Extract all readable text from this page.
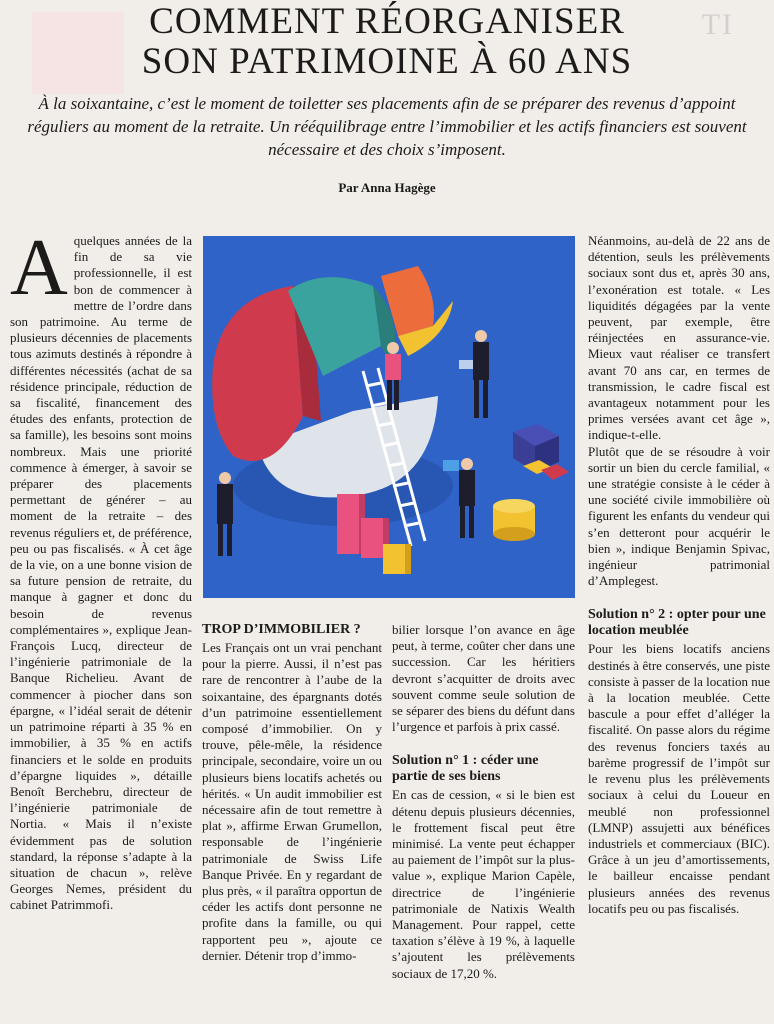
TI
COMMENT RÉORGANISER
SON PATRIMOINE À 60 ANS

À la soixantaine, c’est le moment de toiletter ses placements afin de se préparer des revenus d’appoint réguliers au moment de la retraite. Un rééquilibrage entre l’immobilier et les actifs financiers est souvent nécessaire et des choix s’imposent.

Par Anna Hagège
A quelques années de la fin de sa vie professionnelle, il est bon de commencer à mettre de l’ordre dans son patrimoine. Au terme de plusieurs décennies de placements tous azimuts destinés à répondre à différentes nécessités (achat de sa résidence principale, réduction de sa fiscalité, financement des études des enfants, protection de sa famille), les besoins sont moins nombreux. Mais une priorité commence à émerger, à savoir se préparer des placements permettant de générer – au moment de la retraite – des revenus réguliers et, de préférence, peu ou pas fiscalisés. « À cet âge de la vie, on a une bonne vision de sa future pension de retraite, du manque à gagner et donc du besoin de revenus complémentaires », explique Jean-François Lucq, directeur de l’ingénierie patrimoniale de la Banque Richelieu. Avant de commencer à piocher dans son épargne, « l’idéal serait de détenir un patrimoine réparti à 35 % en immobilier, à 35 % en actifs financiers et le solde en produits d’épargne liquides », détaille Benoît Berchebru, directeur de l’ingénierie patrimoniale de Nortia. « Mais il n’existe évidemment pas de solution standard, la réponse s’adapte à la situation de chacun », relève Georges Nemes, président du cabinet Patrimmofi.

TROP D’IMMOBILIER ?

Les Français ont un vrai penchant pour la pierre. Aussi, il n’est pas rare de rencontrer à l’aube de la soixantaine, des épargnants dotés d’un patrimoine essentiellement composé d’immobilier. On y trouve, pêle-mêle, la résidence principale, secondaire, voire un ou plusieurs biens locatifs achetés ou hérités. « Un audit immobilier est nécessaire afin de tout remettre à plat », affirme Erwan Grumellon, responsable de l’ingénierie patrimoniale de Swiss Life Banque Privée. En y regardant de plus près, « il paraîtra opportun de céder les actifs dont personne ne profite dans la famille, ou qui rapportent peu », ajoute ce dernier. Détenir trop d’immo-

bilier lorsque l’on avance en âge peut, à terme, coûter cher dans une succession. Car les héritiers devront s’acquitter de droits avec souvent comme seule solution de se séparer des biens du défunt dans l’urgence et parfois à prix cassé.

Solution n° 1 : céder une partie de ses biens

En cas de cession, « si le bien est détenu depuis plusieurs décennies, le frottement fiscal peut être minimisé. La vente peut échapper au paiement de l’impôt sur la plus-value », explique Marion Capèle, directrice de l’ingénierie patrimoniale de Natixis Wealth Management. Pour rappel, cette taxation s’élève à 19 %, à laquelle s’ajoutent les prélèvements sociaux de 17,20 %.

Néanmoins, au-delà de 22 ans de détention, seuls les prélèvements sociaux sont dus et, après 30 ans, l’exonération est totale. « Les liquidités dégagées par la vente peuvent, par exemple, être réinjectées en assurance-vie. Mieux vaut réaliser ce transfert avant 70 ans car, en termes de transmission, le cadre fiscal est avantageux notamment pour les primes versées avant cet âge », indique-t-elle.

Plutôt que de se résoudre à voir sortir un bien du cercle familial, « une stratégie consiste à le céder à une société civile immobilière où figurent les enfants du vendeur qui s’en detteront pour acquérir le bien », indique Benjamin Spivac, ingénieur patrimonial d’Amplegest.

Solution n° 2 : opter pour une location meublée

Pour les biens locatifs anciens destinés à être conservés, une piste consiste à passer de la location nue à la location meublée. Cette bascule a pour effet d’alléger la fiscalité. On passe alors du régime des revenus fonciers taxés au barème progressif de l’impôt sur le revenu plus les prélèvements sociaux à celui du Loueur en meublé non professionnel (LMNP) assujetti aux bénéfices industriels et commerciaux (BIC). Grâce à un jeu d’amortissements, le bailleur encaisse pendant plusieurs années des revenus locatifs peu ou pas fiscalisés.
